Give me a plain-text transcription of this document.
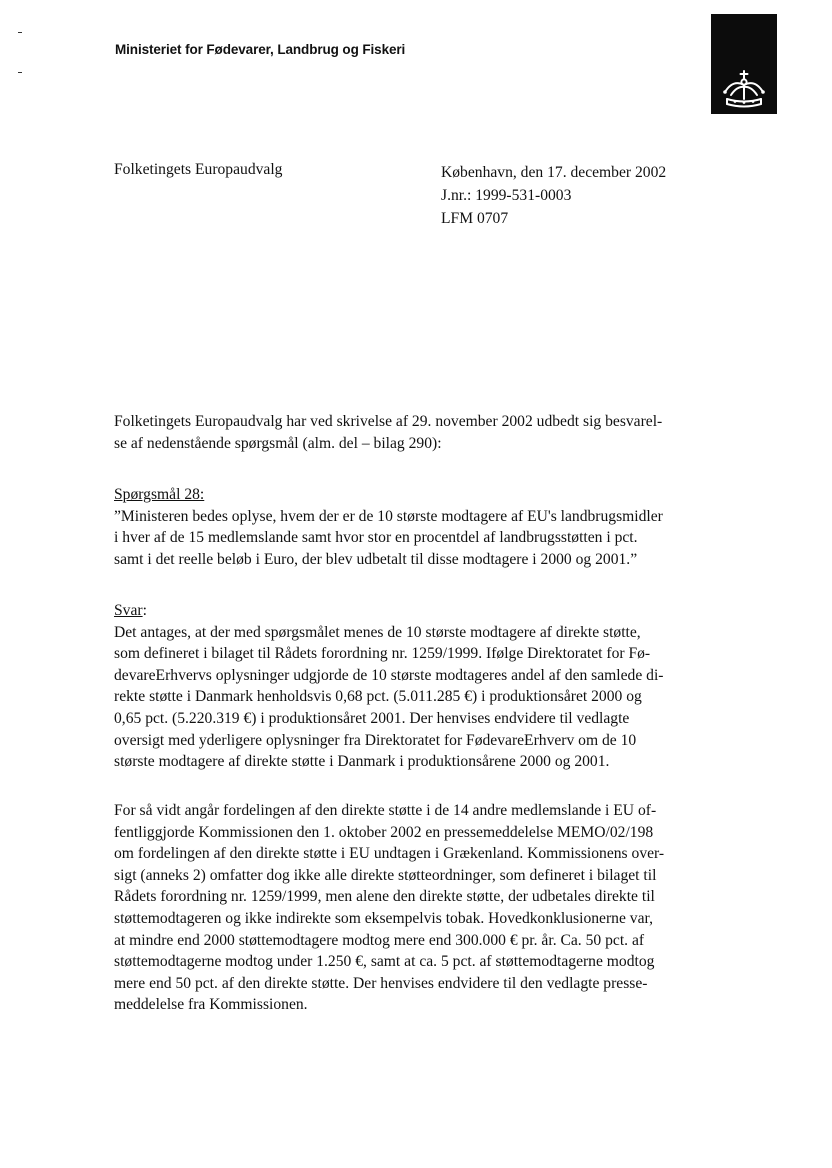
Ministeriet for Fødevarer, Landbrug og Fiskeri
Folketingets Europaudvalg	København, den 17. december 2002
J.nr.: 1999-531-0003
LFM 0707
Folketingets Europaudvalg har ved skrivelse af 29. november 2002 udbedt sig besvarel-
se af nedenstående spørgsmål (alm. del – bilag 290):
Spørgsmål 28:
”Ministeren bedes oplyse, hvem der er de 10 største modtagere af EU's landbrugsmidler
i hver af de 15 medlemslande samt hvor stor en procentdel af landbrugsstøtten i pct.
samt i det reelle beløb i Euro, der blev udbetalt til disse modtagere i 2000 og 2001.”
Svar:
Det antages, at der med spørgsmålet menes de 10 største modtagere af direkte støtte,
som defineret i bilaget til Rådets forordning nr. 1259/1999. Ifølge Direktoratet for Fø-
devareErhvervs oplysninger udgjorde de 10 største modtageres andel af den samlede di-
rekte støtte i Danmark henholdsvis 0,68 pct. (5.011.285 €) i produktionsåret 2000 og
0,65 pct. (5.220.319 €) i produktionsåret 2001. Der henvises endvidere til vedlagte
oversigt med yderligere oplysninger fra Direktoratet for FødevareErhverv om de 10
største modtagere af direkte støtte i Danmark i produktionsårene 2000 og 2001.
For så vidt angår fordelingen af den direkte støtte i de 14 andre medlemslande i EU of-
fentliggjorde Kommissionen den 1. oktober 2002 en pressemeddelelse MEMO/02/198
om fordelingen af den direkte støtte i EU undtagen i Grækenland. Kommissionens over-
sigt (anneks 2) omfatter dog ikke alle direkte støtteordninger, som defineret i bilaget til
Rådets forordning nr. 1259/1999, men alene den direkte støtte, der udbetales direkte til
støttemodtageren og ikke indirekte som eksempelvis tobak. Hovedkonklusionerne var,
at mindre end 2000 støttemodtagere modtog mere end 300.000 € pr. år. Ca. 50 pct. af
støttemodtagerne modtog under 1.250 €, samt at ca. 5 pct. af støttemodtagerne modtog
mere end 50 pct. af den direkte støtte. Der henvises endvidere til den vedlagte presse-
meddelelse fra Kommissionen.
